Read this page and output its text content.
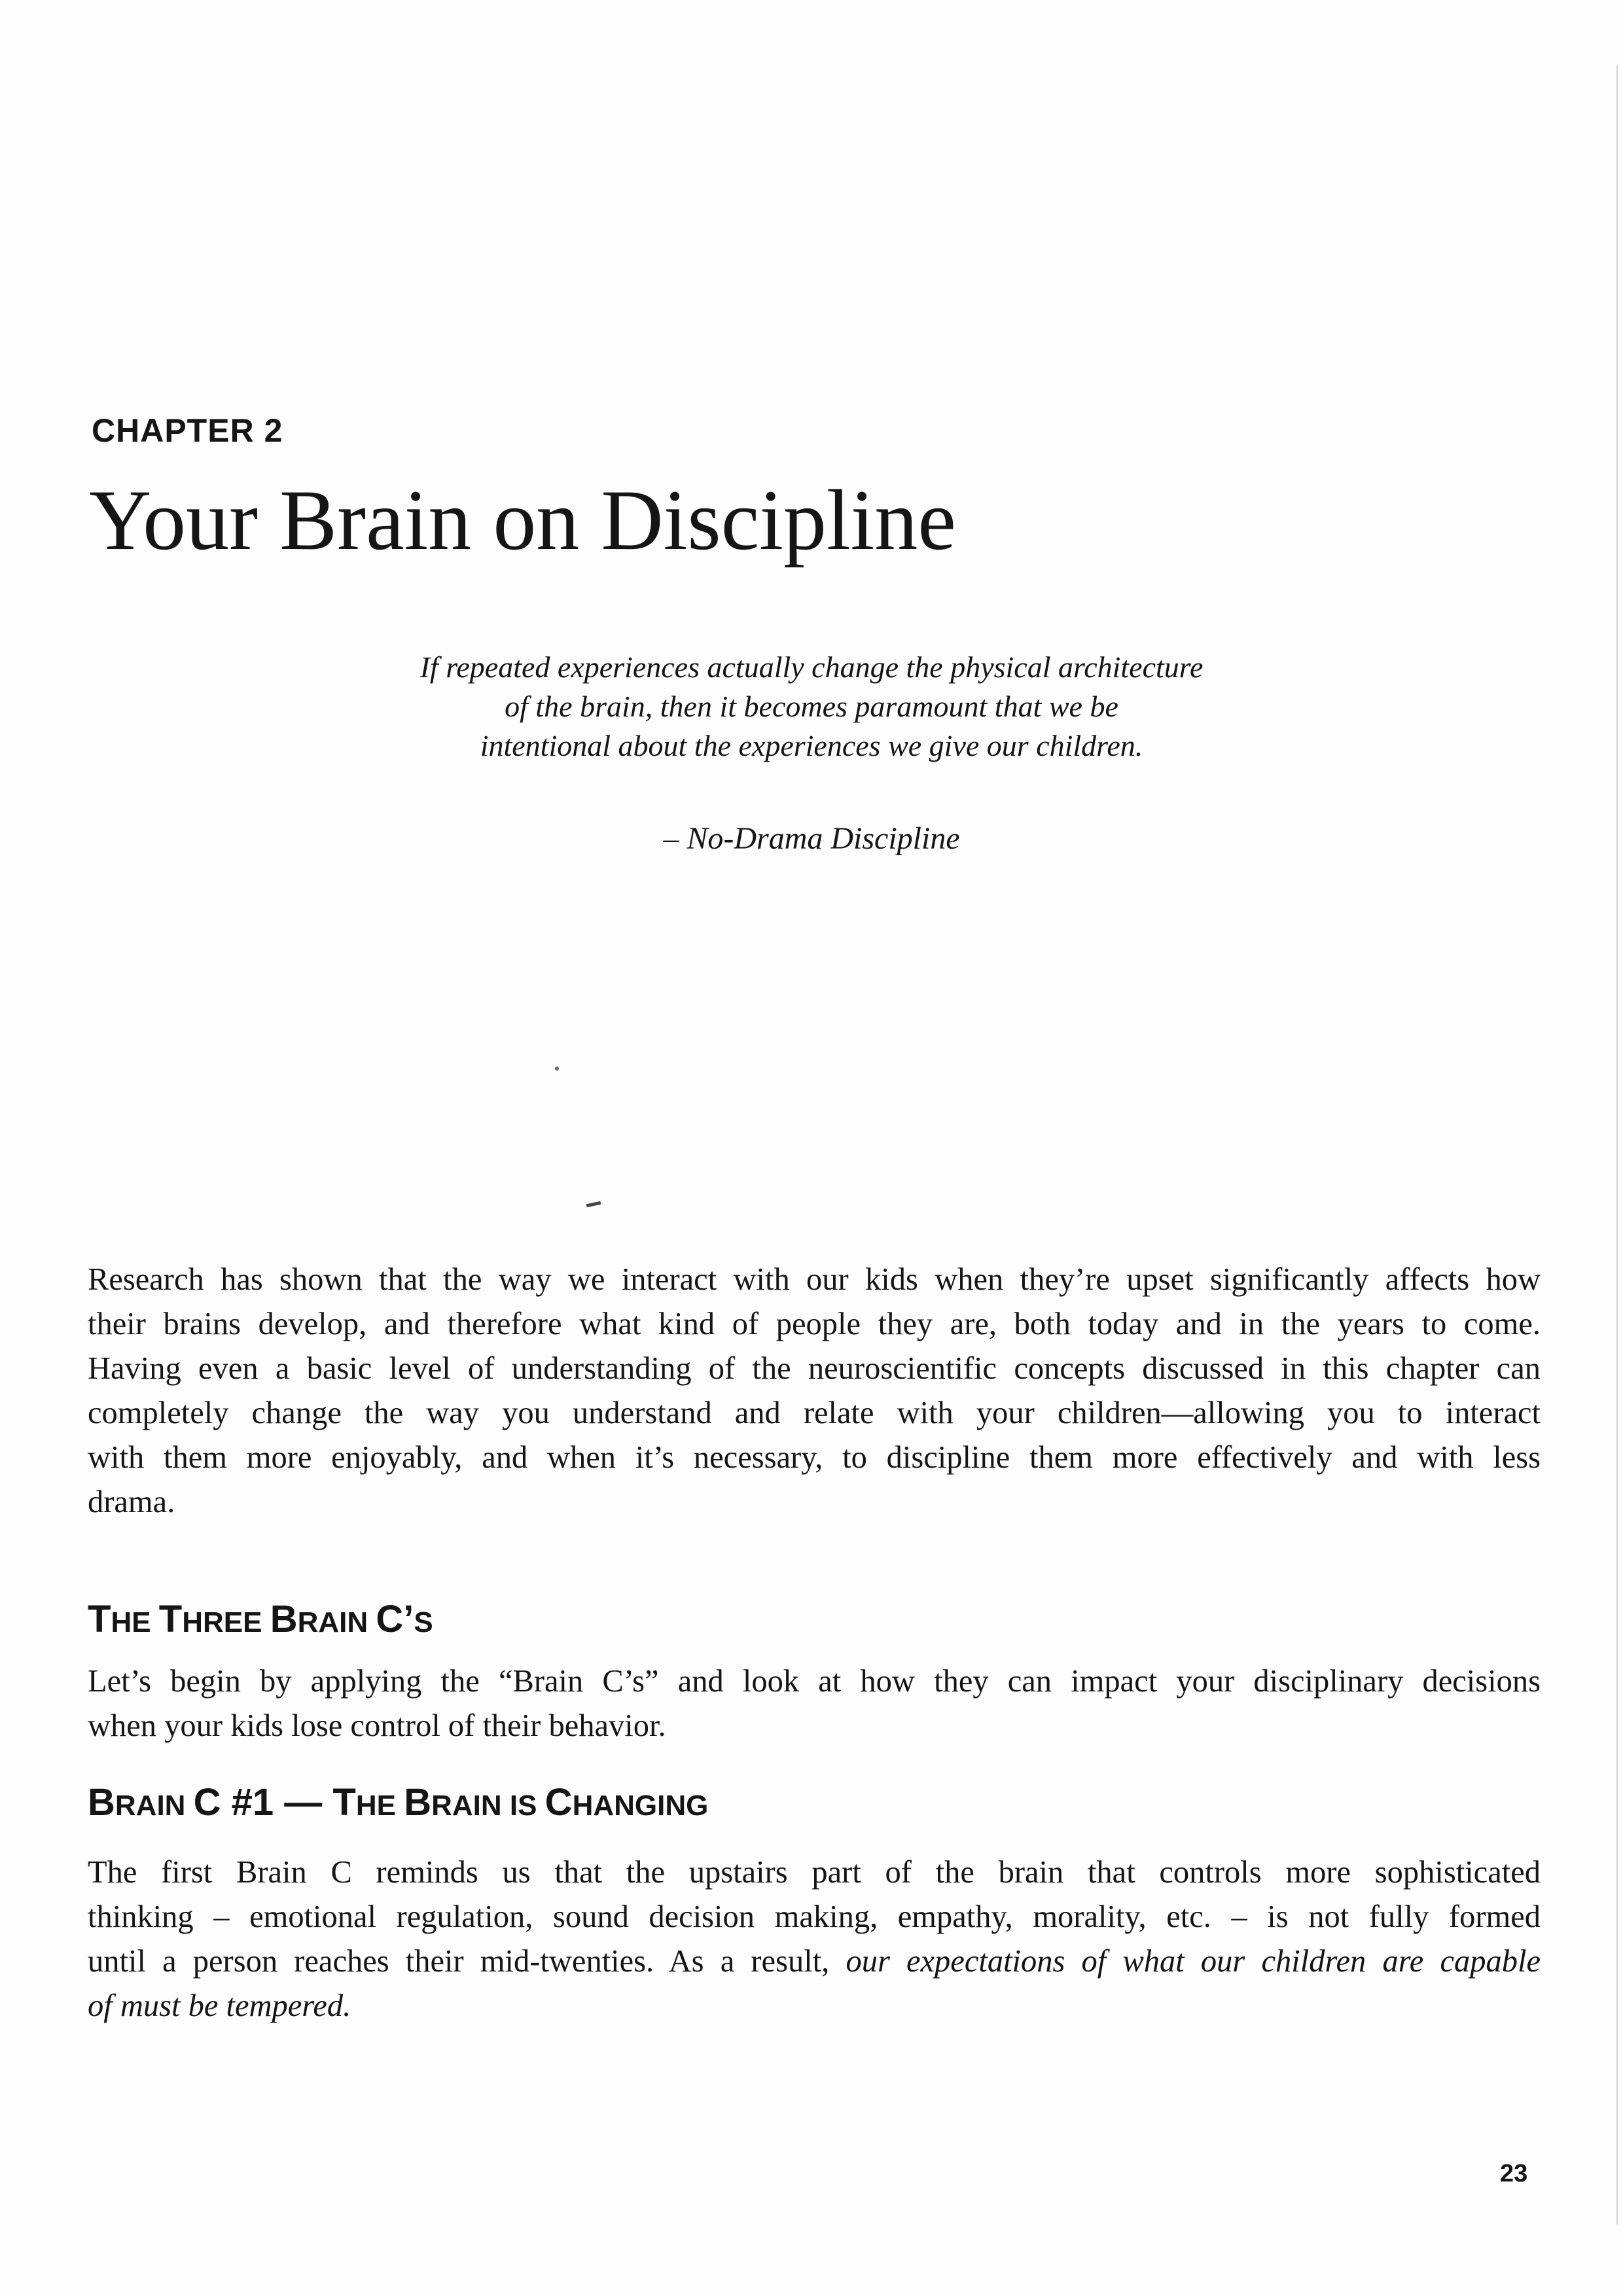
CHAPTER 2
Your Brain on Discipline
If repeated experiences actually change the physical architecture
of the brain, then it becomes paramount that we be
intentional about the experiences we give our children.
– No-Drama Discipline
Research has shown that the way we interact with our kids when they’re upset significantly affects how
their brains develop, and therefore what kind of people they are, both today and in the years to come.
Having even a basic level of understanding of the neuroscientific concepts discussed in this chapter can
completely change the way you understand and relate with your children—allowing you to interact
with them more enjoyably, and when it’s necessary, to discipline them more effectively and with less
drama.
THE THREE BRAIN C’S
Let’s begin by applying the “Brain C’s” and look at how they can impact your disciplinary decisions
when your kids lose control of their behavior.
BRAIN C #1 — THE BRAIN IS CHANGING
The first Brain C reminds us that the upstairs part of the brain that controls more sophisticated
thinking – emotional regulation, sound decision making, empathy, morality, etc. – is not fully formed
until a person reaches their mid-twenties. As a result, our expectations of what our children are capable
of must be tempered.
23
